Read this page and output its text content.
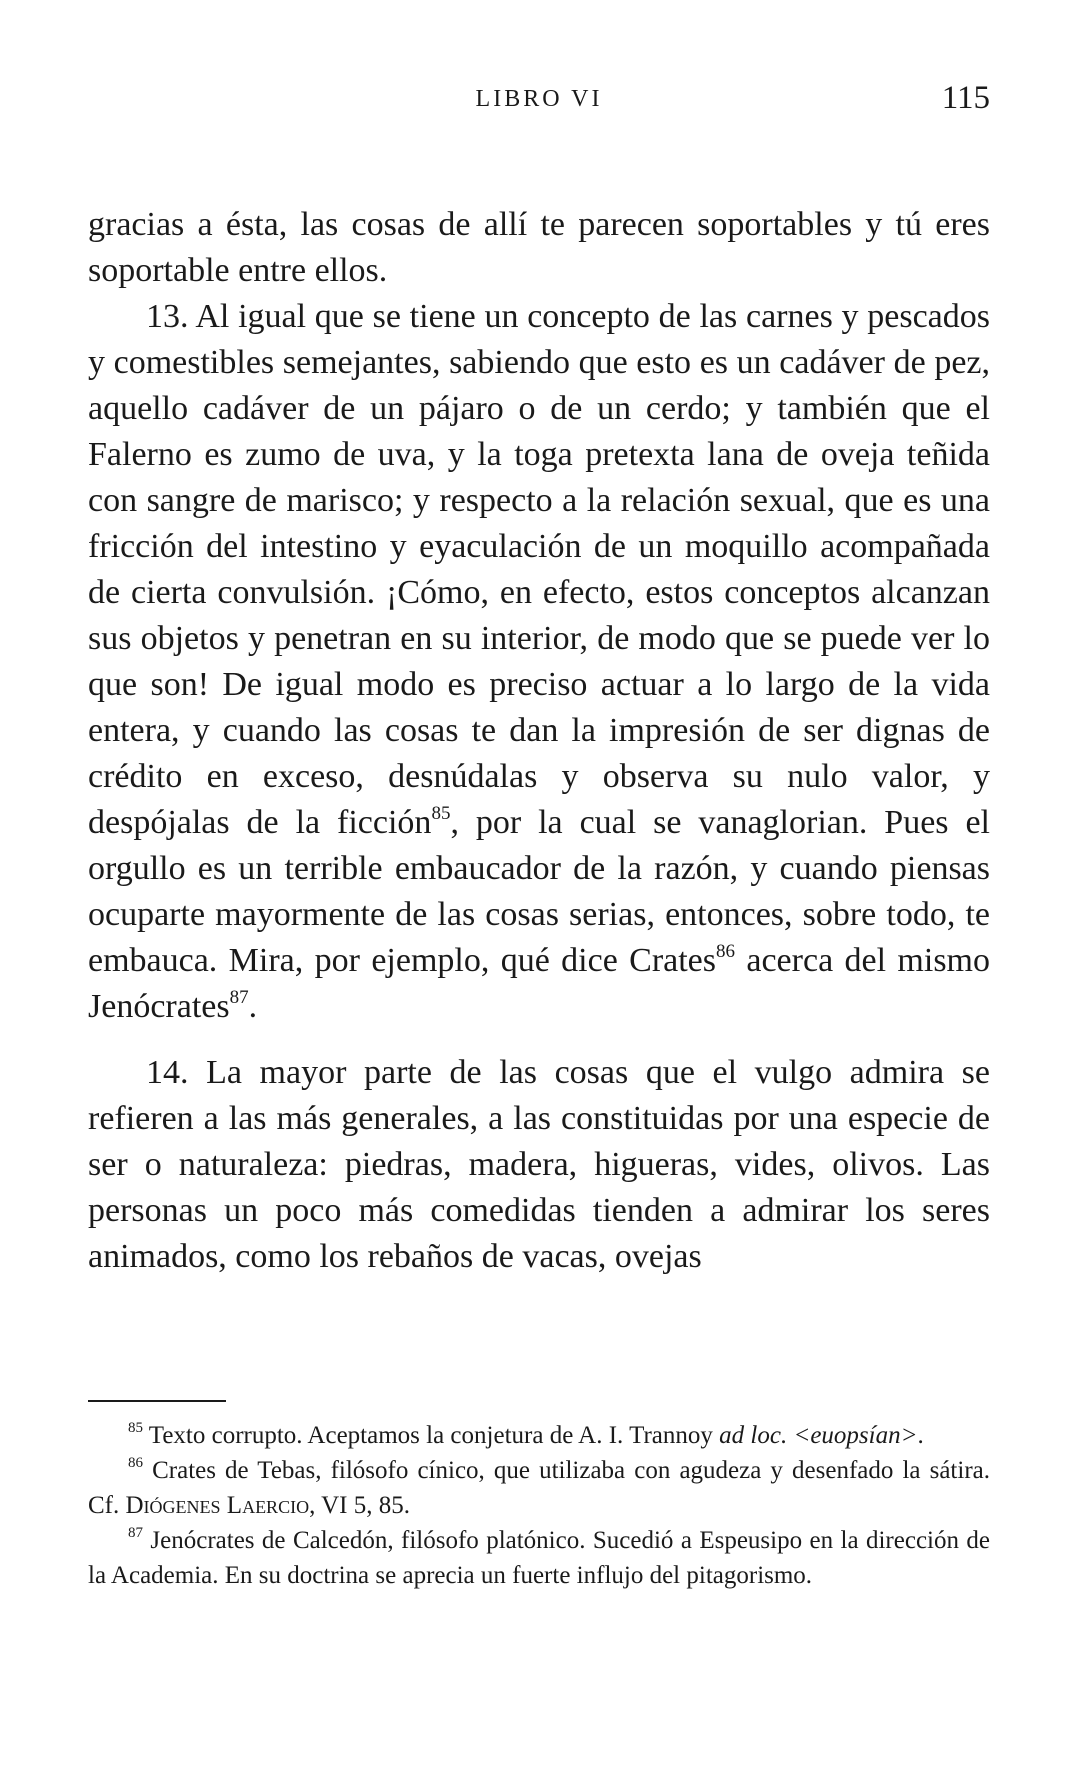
LIBRO VI	115

gracias a ésta, las cosas de allí te parecen soportables y tú eres soportable entre ellos.

13. Al igual que se tiene un concepto de las carnes y pescados y comestibles semejantes, sabiendo que esto es un cadáver de pez, aquello cadáver de un pájaro o de un cerdo; y también que el Falerno es zumo de uva, y la toga pretexta lana de oveja teñida con sangre de marisco; y respecto a la relación sexual, que es una fricción del intestino y eyaculación de un moquillo acompañada de cierta convulsión. ¡Cómo, en efecto, estos conceptos alcanzan sus objetos y penetran en su interior, de modo que se puede ver lo que son! De igual modo es preciso actuar a lo largo de la vida entera, y cuando las cosas te dan la impresión de ser dignas de crédito en exceso, desnúdalas y observa su nulo valor, y despójalas de la ficción$^{85}$, por la cual se vanaglorian. Pues el orgullo es un terrible embaucador de la razón, y cuando piensas ocuparte mayormente de las cosas serias, entonces, sobre todo, te embauca. Mira, por ejemplo, qué dice Crates$^{86}$ acerca del mismo Jenócrates$^{87}$.

14. La mayor parte de las cosas que el vulgo admira se refieren a las más generales, a las constituidas por una especie de ser o naturaleza: piedras, madera, higueras, vides, olivos. Las personas un poco más comedidas tienden a admirar los seres animados, como los rebaños de vacas, ovejas

$^{85}$ Texto corrupto. Aceptamos la conjetura de A. I. Trannoy ad loc. <euopsían>.

$^{86}$ Crates de Tebas, filósofo cínico, que utilizaba con agudeza y desenfado la sátira. Cf. Diógenes Laercio, VI 5, 85.

$^{87}$ Jenócrates de Calcedón, filósofo platónico. Sucedió a Espeusipo en la dirección de la Academia. En su doctrina se aprecia un fuerte influjo del pitagorismo.
